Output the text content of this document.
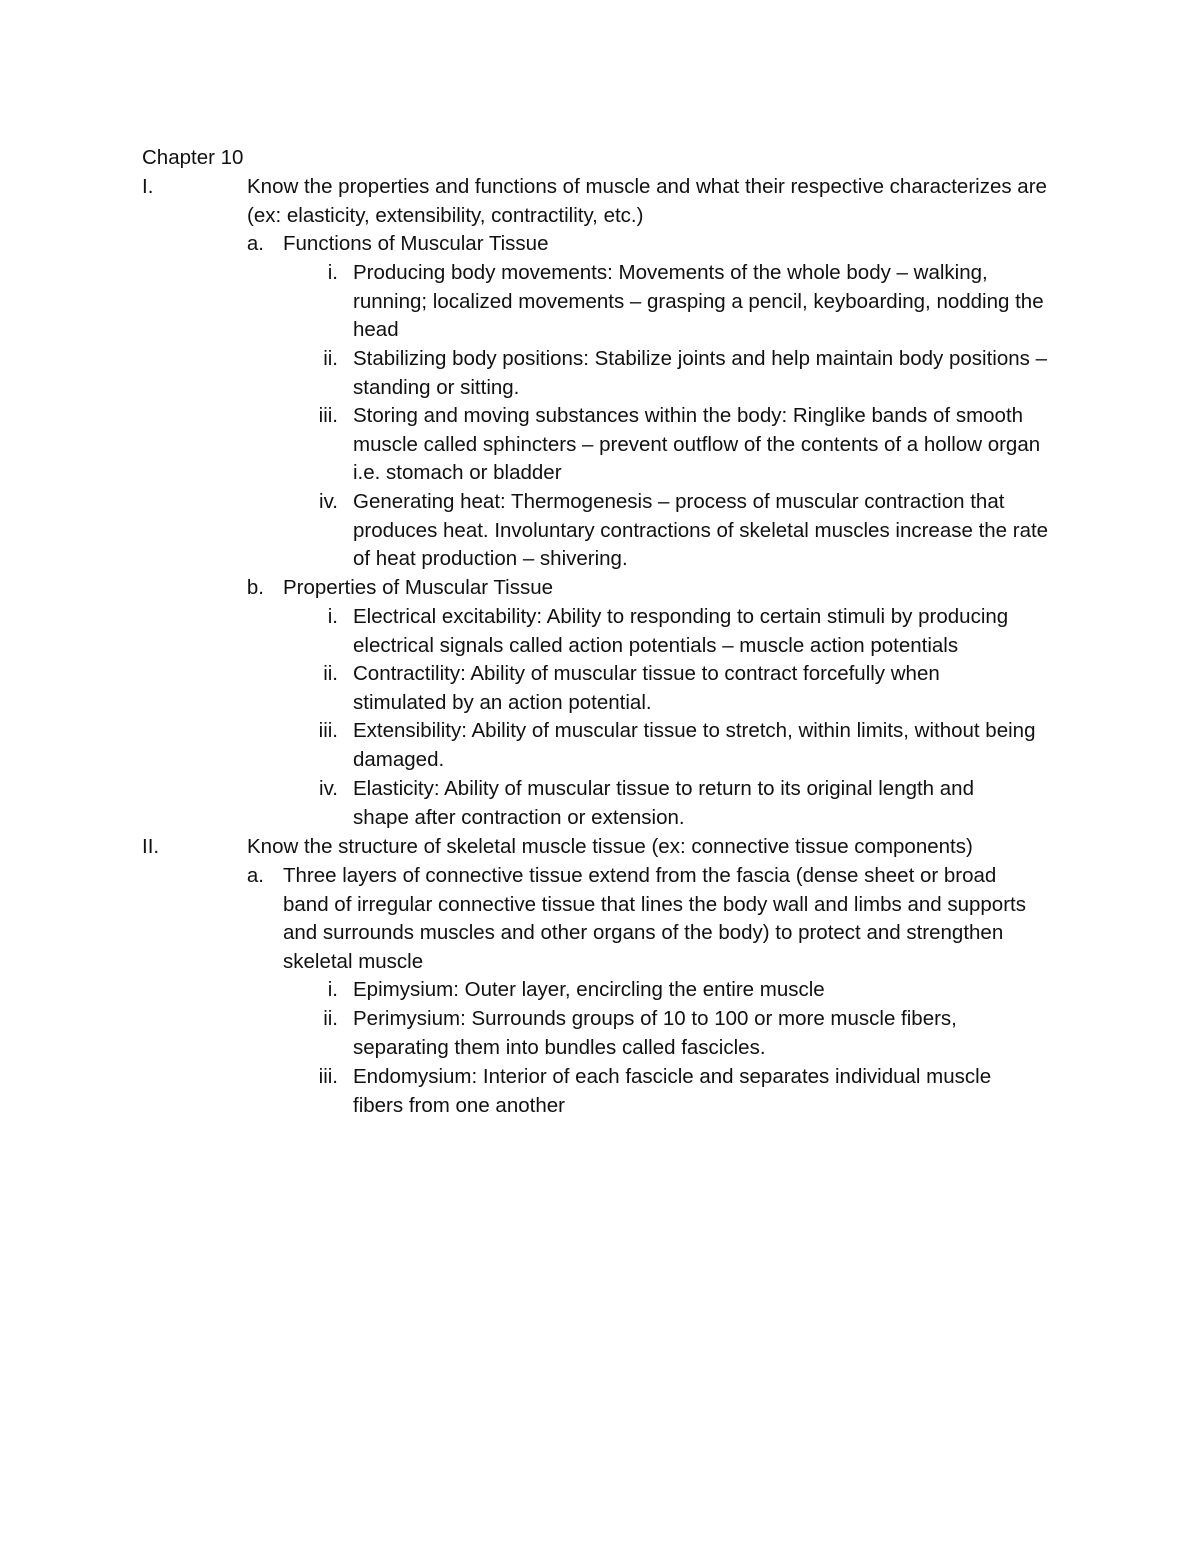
Chapter 10
I.	Know the properties and functions of muscle and what their respective characterizes are (ex: elasticity, extensibility, contractility, etc.)
a. Functions of Muscular Tissue
i. Producing body movements: Movements of the whole body – walking, running; localized movements – grasping a pencil, keyboarding, nodding the head
ii. Stabilizing body positions: Stabilize joints and help maintain body positions – standing or sitting.
iii. Storing and moving substances within the body: Ringlike bands of smooth muscle called sphincters – prevent outflow of the contents of a hollow organ i.e. stomach or bladder
iv. Generating heat: Thermogenesis – process of muscular contraction that produces heat. Involuntary contractions of skeletal muscles increase the rate of heat production – shivering.
b. Properties of Muscular Tissue
i. Electrical excitability: Ability to responding to certain stimuli by producing electrical signals called action potentials – muscle action potentials
ii. Contractility: Ability of muscular tissue to contract forcefully when stimulated by an action potential.
iii. Extensibility: Ability of muscular tissue to stretch, within limits, without being damaged.
iv. Elasticity: Ability of muscular tissue to return to its original length and shape after contraction or extension.
II.	Know the structure of skeletal muscle tissue (ex: connective tissue components)
a. Three layers of connective tissue extend from the fascia (dense sheet or broad band of irregular connective tissue that lines the body wall and limbs and supports and surrounds muscles and other organs of the body) to protect and strengthen skeletal muscle
i. Epimysium: Outer layer, encircling the entire muscle
ii. Perimysium: Surrounds groups of 10 to 100 or more muscle fibers, separating them into bundles called fascicles.
iii. Endomysium: Interior of each fascicle and separates individual muscle fibers from one another
